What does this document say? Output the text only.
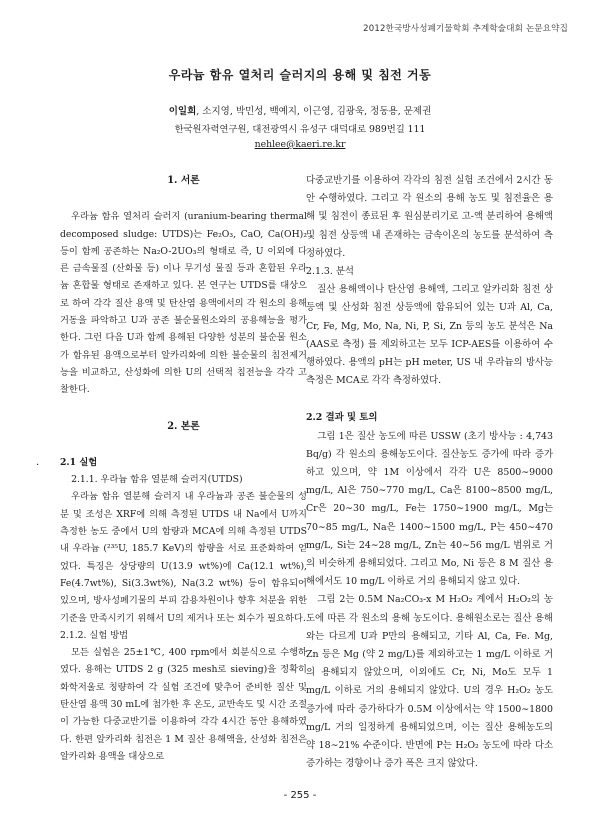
2012한국방사성폐기물학회 추계학술대회 논문요약집
우라늄 함유 열처리 슬러지의 용해 및 침전 거동
이일희, 소지영, 박민성, 백예지, 이근영, 김광욱, 정동용, 문제권
한국원자력연구원, 대전광역시 유성구 대덕대로 989번길 111
nehlee@kaeri.re.kr

1. 서론

우라늄 함유 열처리 슬러지 (uranium-bearing thermal decomposed sludge: UTDS)는 Fe₂O₃, CaO, Ca(OH)₂ 등이 함께 공존하는 Na₂O-2UO₃의 형태로 즉, U 이외에 다른 금속물질 (산화물 등) 이나 무기성 물질 등과 혼합된 우라늄 혼합물 형태로 존재하고 있다. 본 연구는 UTDS를 대상으로 하여 각각 질산 용액 및 탄산염 용액에서의 각 원소의 용해 거동을 파악하고 U과 공존 불순물원소와의 공용해능을 평가한다. 그런 다음 U과 함께 용해된 다양한 성분의 불순물 원소가 함유된 용액으로부터 알카리화에 의한 불순물의 침전제거능을 비교하고, 산성화에 의한 U의 선택적 침전능을 각각 고찰한다.

2. 본론

2.1 실험

2.1.1. 우라늄 함유 열분해 슬러지(UTDS)

우라늄 함유 열분해 슬러지 내 우라늄과 공존 불순물의 성분 및 조성은 XRF에 의해 측정된 UTDS 내 Na에서 U까지 측정한 농도 중에서 U의 함량과 MCA에 의해 측정된 UTDS 내 우라늄 (²³⁵U, 185.7 KeV)의 함량을 서로 표준화하여 얻었다. 특징은 상당량의 U(13.9 wt%)에 Ca(12.1 wt%), Fe(4.7wt%), Si(3.3wt%), Na(3.2 wt%) 등이 함유되어 있으며, 방사성폐기물의 부피 감용차원이나 향후 처분을 위한 기준을 만족시키기 위해서 U의 제거나 또는 회수가 필요하다.

2.1.2. 실험 방법

모든 실험은 25±1℃, 400 rpm에서 회분식으로 수행하였다. 용해는 UTDS 2 g (325 mesh로 sieving)을 정확히 화학저울로 칭량하여 각 실험 조건에 맞추어 준비한 질산 및 탄산염 용액 30 mL에 첨가한 후 온도, 교반속도 및 시간 조절이 가능한 다중교반기를 이용하여 각각 4시간 동안 용해하였다. 한편 알카리화 침전은 1 M 질산 용해액을, 산성화 침전은 알카리화 용액을 대상으로

·

다중교반기를 이용하여 각각의 침전 실험 조건에서 2시간 동안 수행하였다. 그리고 각 원소의 용해 농도 및 침전율은 용해 및 침전이 종료된 후 원심분리기로 고-액 분리하여 용해액 및 침전 상등액 내 존재하는 금속이온의 농도를 분석하여 측정하였다.

2.1.3. 분석

질산 용해액이나 탄산염 용해액, 그리고 알카리화 침전 상등액 및 산성화 침전 상등액에 함유되어 있는 U과 Al, Ca, Cr, Fe, Mg, Mo, Na, Ni, P, Si, Zn 등의 농도 분석은 Na (AAS로 측정) 를 제외하고는 모두 ICP-AES를 이용하여 수행하였다. 용액의 pH는 pH meter, US 내 우라늄의 방사능 측정은 MCA로 각각 측정하였다.

2.2 결과 및 토의

그림 1은 질산 농도에 따른 USSW (초기 방사능 : 4,743 Bq/g) 각 원소의 용해농도이다. 질산농도 증가에 따라 증가하고 있으며, 약 1M 이상에서 각각 U은 8500∼9000 mg/L, Al은 750∼770 mg/L, Ca은 8100∼8500 mg/L, Cr은 20∼30 mg/L, Fe는 1750∼1900 mg/L, Mg는 70∼85 mg/L, Na은 1400∼1500 mg/L, P는 450∼470 mg/L, Si는 24∼28 mg/L, Zn는 40∼56 mg/L 범위로 거의 비슷하게 용해되었다. 그리고 Mo, Ni 등은 8 M 질산 용해에서도 10 mg/L 이하로 거의 용해되지 않고 있다.

그림 2는 0.5M Na₂CO₃-x M H₂O₂ 계에서 H₂O₂의 농도에 따른 각 원소의 용해 농도이다. 용해원소로는 질산 용해와는 다르게 U과 P만의 용해되고, 기타 Al, Ca, Fe. Mg, Zn 등은 Mg (약 2 mg/L)를 제외하고는 1 mg/L 이하로 거의 용해되지 않았으며, 이외에도 Cr, Ni, Mo도 모두 1 mg/L 이하로 거의 용해되지 않았다. U의 경우 H₂O₂ 농도 증가에 따라 증가하다가 0.5M 이상에서는 약 1500∼1800 mg/L 거의 일정하게 용해되었으며, 이는 질산 용해농도의 약 18∼21% 수준이다. 반면에 P는 H₂O₂ 농도에 따라 다소 증가하는 경향이나 증가 폭은 크지 않았다.

- 255 -
